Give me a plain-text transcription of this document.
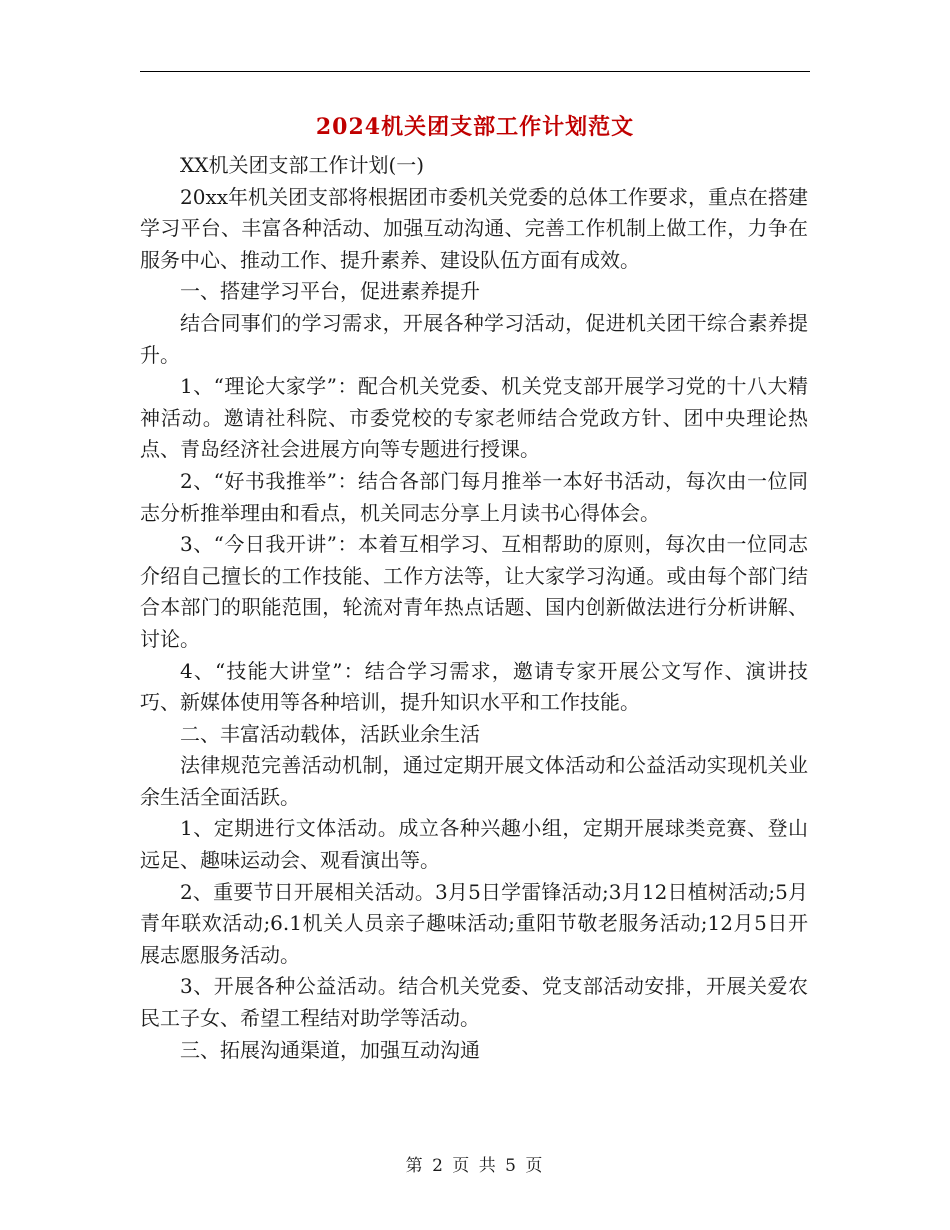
2024机关团支部工作计划范文

XX机关团支部工作计划(一)

20xx年机关团支部将根据团市委机关党委的总体工作要求，重点在搭建学习平台、丰富各种活动、加强互动沟通、完善工作机制上做工作，力争在服务中心、推动工作、提升素养、建设队伍方面有成效。

一、搭建学习平台，促进素养提升

结合同事们的学习需求，开展各种学习活动，促进机关团干综合素养提升。

1、“理论大家学”：配合机关党委、机关党支部开展学习党的十八大精神活动。邀请社科院、市委党校的专家老师结合党政方针、团中央理论热点、青岛经济社会进展方向等专题进行授课。

2、“好书我推举”：结合各部门每月推举一本好书活动，每次由一位同志分析推举理由和看点，机关同志分享上月读书心得体会。

3、“今日我开讲”：本着互相学习、互相帮助的原则，每次由一位同志介绍自己擅长的工作技能、工作方法等，让大家学习沟通。或由每个部门结合本部门的职能范围，轮流对青年热点话题、国内创新做法进行分析讲解、讨论。

4、“技能大讲堂”：结合学习需求，邀请专家开展公文写作、演讲技巧、新媒体使用等各种培训，提升知识水平和工作技能。

二、丰富活动载体，活跃业余生活

法律规范完善活动机制，通过定期开展文体活动和公益活动实现机关业余生活全面活跃。

1、定期进行文体活动。成立各种兴趣小组，定期开展球类竞赛、登山远足、趣味运动会、观看演出等。

2、重要节日开展相关活动。3月5日学雷锋活动;3月12日植树活动;5月青年联欢活动;6.1机关人员亲子趣味活动;重阳节敬老服务活动;12月5日开展志愿服务活动。

3、开展各种公益活动。结合机关党委、党支部活动安排，开展关爱农民工子女、希望工程结对助学等活动。

三、拓展沟通渠道，加强互动沟通

第 2 页 共 5 页
